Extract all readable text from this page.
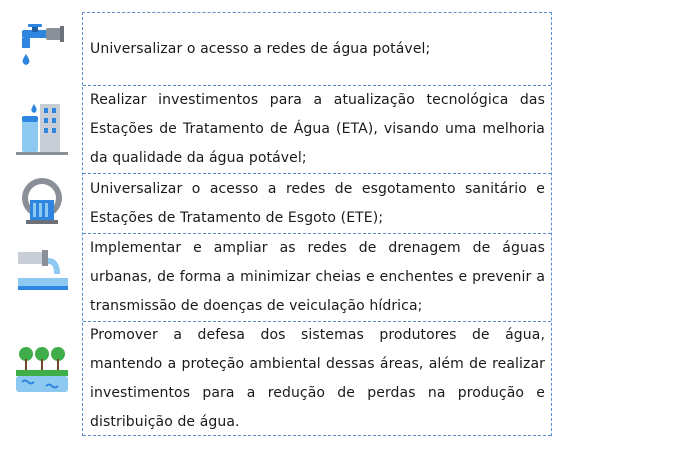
Universalizar o acesso a redes de água potável;

Realizar investimentos para a atualização tecnológica das Estações de Tratamento de Água (ETA), visando uma melhoria da qualidade da água potável;

Universalizar o acesso a redes de esgotamento sanitário e Estações de Tratamento de Esgoto (ETE);

Implementar e ampliar as redes de drenagem de águas urbanas, de forma a minimizar cheias e enchentes e prevenir a transmissão de doenças de veiculação hídrica;

Promover a defesa dos sistemas produtores de água, mantendo a proteção ambiental dessas áreas, além de realizar investimentos para a redução de perdas na produção e distribuição de água.
